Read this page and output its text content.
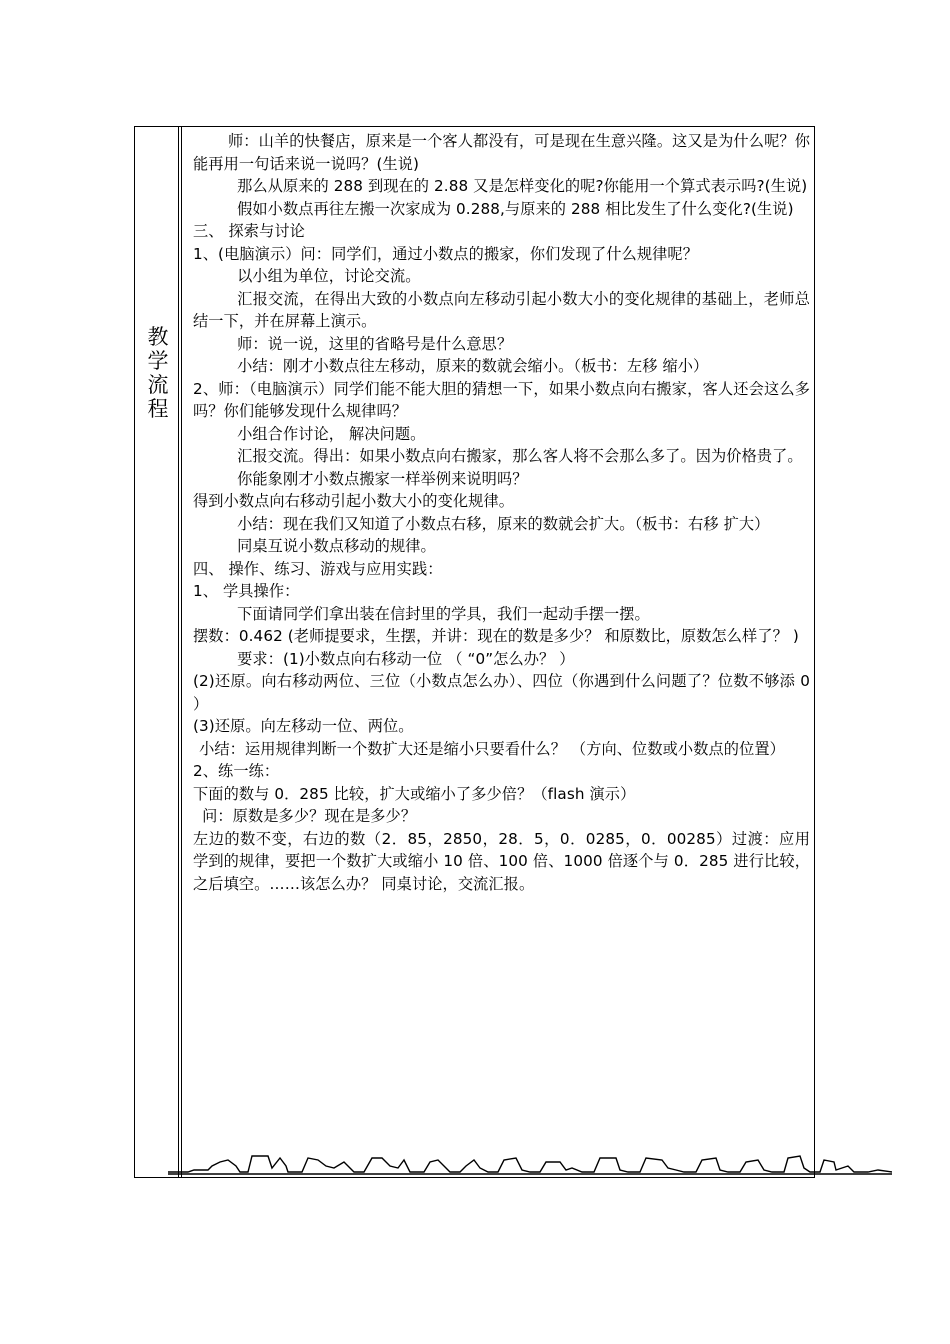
教
学
流
程

师：山羊的快餐店，原来是一个客人都没有，可是现在生意兴隆。这又是为什么呢？你能再用一句话来说一说吗？(生说)

那么从原来的 288 到现在的 2.88 又是怎样变化的呢?你能用一个算式表示吗?(生说)

假如小数点再往左搬一次家成为 0.288,与原来的 288 相比发生了什么变化?(生说)

三、 探索与讨论

1、(电脑演示）问：同学们，通过小数点的搬家，你们发现了什么规律呢？

以小组为单位，讨论交流。

汇报交流，在得出大致的小数点向左移动引起小数大小的变化规律的基础上，老师总结一下，并在屏幕上演示。

师：说一说，这里的省略号是什么意思？

小结：刚才小数点往左移动，原来的数就会缩小。（板书：左移 缩小）

2、师：（电脑演示）同学们能不能大胆的猜想一下，如果小数点向右搬家，客人还会这么多吗？你们能够发现什么规律吗？

小组合作讨论， 解决问题。

汇报交流。得出：如果小数点向右搬家，那么客人将不会那么多了。因为价格贵了。

你能象刚才小数点搬家一样举例来说明吗？

得到小数点向右移动引起小数大小的变化规律。

小结：现在我们又知道了小数点右移，原来的数就会扩大。（板书：右移 扩大）

同桌互说小数点移动的规律。

四、 操作、练习、游戏与应用实践：

1、 学具操作：

下面请同学们拿出装在信封里的学具，我们一起动手摆一摆。

摆数：0.462 (老师提要求，生摆，并讲：现在的数是多少？ 和原数比，原数怎么样了？ )

要求：(1)小数点向右移动一位 （ “0”怎么办？ ）

(2)还原。向右移动两位、三位（小数点怎么办）、四位（你遇到什么问题了？位数不够添 0 ）

(3)还原。向左移动一位、两位。

小结：运用规律判断一个数扩大还是缩小只要看什么？ （方向、位数或小数点的位置）

2、练一练：

下面的数与 0．285 比较，扩大或缩小了多少倍？（flash 演示）

问：原数是多少？现在是多少？

左边的数不变，右边的数（2．85，2850，28．5，0．0285，0．00285）过渡：应用学到的规律，要把一个数扩大或缩小 10 倍、100 倍、1000 倍逐个与 0．285 进行比较，之后填空。……该怎么办？ 同桌讨论，交流汇报。
